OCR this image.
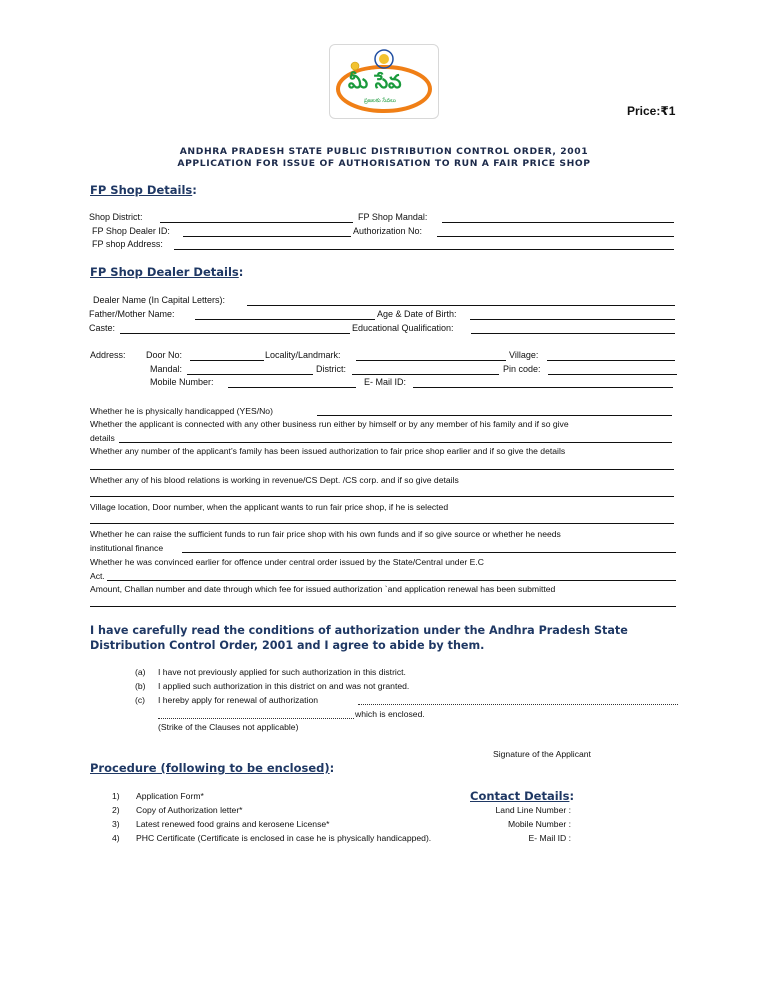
మీ సేవ
ప్రజలకు సేవలు
Price:₹1
ANDHRA PRADESH STATE PUBLIC DISTRIBUTION CONTROL ORDER, 2001
APPLICATION FOR ISSUE OF AUTHORISATION TO RUN A FAIR PRICE SHOP
FP Shop Details:
Shop District:	FP Shop Mandal:
FP Shop Dealer ID:	Authorization No:
FP shop Address:
FP Shop Dealer Details:
Dealer Name (In Capital Letters):
Father/Mother Name:	Age & Date of Birth:
Caste:	Educational Qualification:
Address: Door No:	Locality/Landmark:	Village:
Mandal:	District:	Pin code:
Mobile Number:	E- Mail ID:
Whether he is physically handicapped (YES/No)
Whether the applicant is connected with any other business run either by himself or by any member of his family and if so give
details
Whether any number of the applicant’s family has been issued authorization to fair price shop earlier and if so give the details
Whether any of his blood relations is working in revenue/CS Dept. /CS corp. and if so give details
Village location, Door number, when the applicant wants to run fair price shop, if he is selected
Whether he can raise the sufficient funds to run fair price shop with his own funds and if so give source or whether he needs
institutional finance
Whether he was convinced earlier for offence under central order issued by the State/Central under E.C
Act.
Amount, Challan number and date through which fee for issued authorization `and application renewal has been submitted
I have carefully read the conditions of authorization under the Andhra Pradesh State
Distribution Control Order, 2001 and I agree to abide by them.
(a) I have not previously applied for such authorization in this district.
(b) I applied such authorization in this district on and was not granted.
(c) I hereby apply for renewal of authorization
which is enclosed.
(Strike of the Clauses not applicable)
Signature of the Applicant
Procedure (following to be enclosed):
1) Application Form*
2) Copy of Authorization letter*
3) Latest renewed food grains and kerosene License*
4) PHC Certificate (Certificate is enclosed in case he is physically handicapped).
Contact Details:
Land Line Number :
Mobile Number :
E- Mail ID :
